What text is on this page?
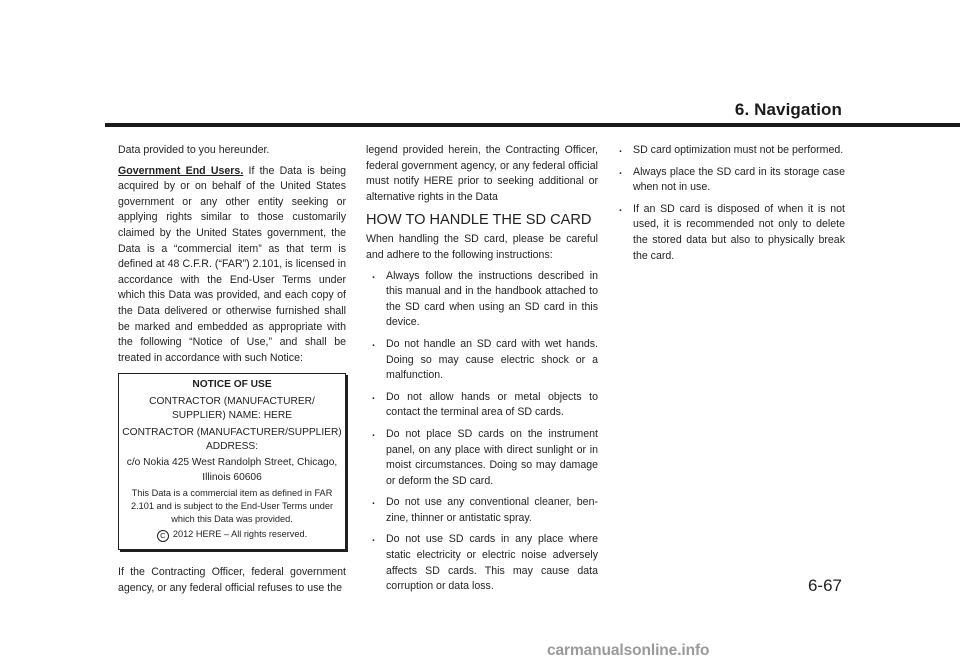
6. Navigation

Data provided to you hereunder.

Government End Users. If the Data is being acquired by or on behalf of the United States government or any other entity seeking or applying rights similar to those customarily claimed by the United States government, the Data is a “commercial item” as that term is defined at 48 C.F.R. (“FAR”) 2.101, is licensed in accordance with the End-User Terms under which this Data was provided, and each copy of the Data delivered or otherwise furnished shall be marked and embedded as appropriate with the following “Notice of Use,” and shall be treated in accordance with such Notice:

NOTICE OF USE
CONTRACTOR (MANUFACTURER/ SUPPLIER) NAME: HERE
CONTRACTOR (MANUFACTURER/SUPPLIER) ADDRESS:
c/o Nokia 425 West Randolph Street, Chicago, Illinois 60606
This Data is a commercial item as defined in FAR 2.101 and is subject to the End-User Terms under which this Data was provided.
C 2012 HERE – All rights reserved.

If the Contracting Officer, federal government agency, or any federal official refuses to use the

legend provided herein, the Contracting Officer, federal government agency, or any federal official must notify HERE prior to seeking additional or alternative rights in the Data

HOW TO HANDLE THE SD CARD

When handling the SD card, please be careful and adhere to the following instructions:

. Always follow the instructions described in this manual and in the handbook attached to the SD card when using an SD card in this device.
. Do not handle an SD card with wet hands. Doing so may cause electric shock or a malfunction.
. Do not allow hands or metal objects to contact the terminal area of SD cards.
. Do not place SD cards on the instrument panel, on any place with direct sunlight or in moist circumstances. Doing so may damage or deform the SD card.
. Do not use any conventional cleaner, ben-zine, thinner or antistatic spray.
. Do not use SD cards in any place where static electricity or electric noise adversely affects SD cards. This may cause data corruption or data loss.
. SD card optimization must not be performed.
. Always place the SD card in its storage case when not in use.
. If an SD card is disposed of when it is not used, it is recommended not only to delete the stored data but also to physically break the card.
6-67
carmanualsonline.info
